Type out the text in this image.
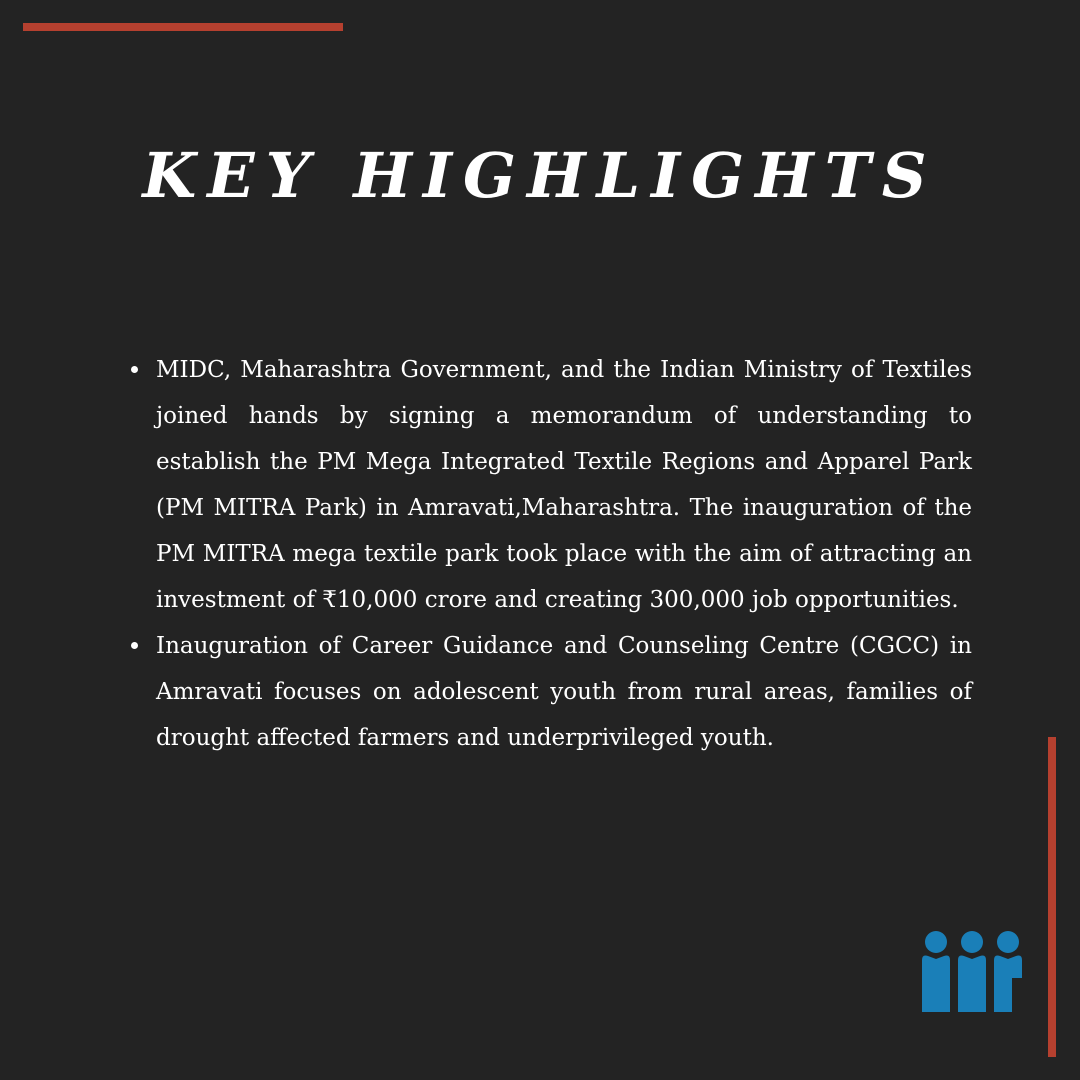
KEY HIGHLIGHTS
MIDC, Maharashtra Government, and the Indian Ministry of Textiles joined hands by signing a memorandum of understanding to establish the PM Mega Integrated Textile Regions and Apparel Park (PM MITRA Park) in Amravati,Maharashtra. The inauguration of the PM MITRA mega textile park took place with the aim of attracting an investment of ₹10,000 crore and creating 300,000 job opportunities.
Inauguration of Career Guidance and Counseling Centre (CGCC) in Amravati focuses on adolescent youth from rural areas, families of drought affected farmers and underprivileged youth.
